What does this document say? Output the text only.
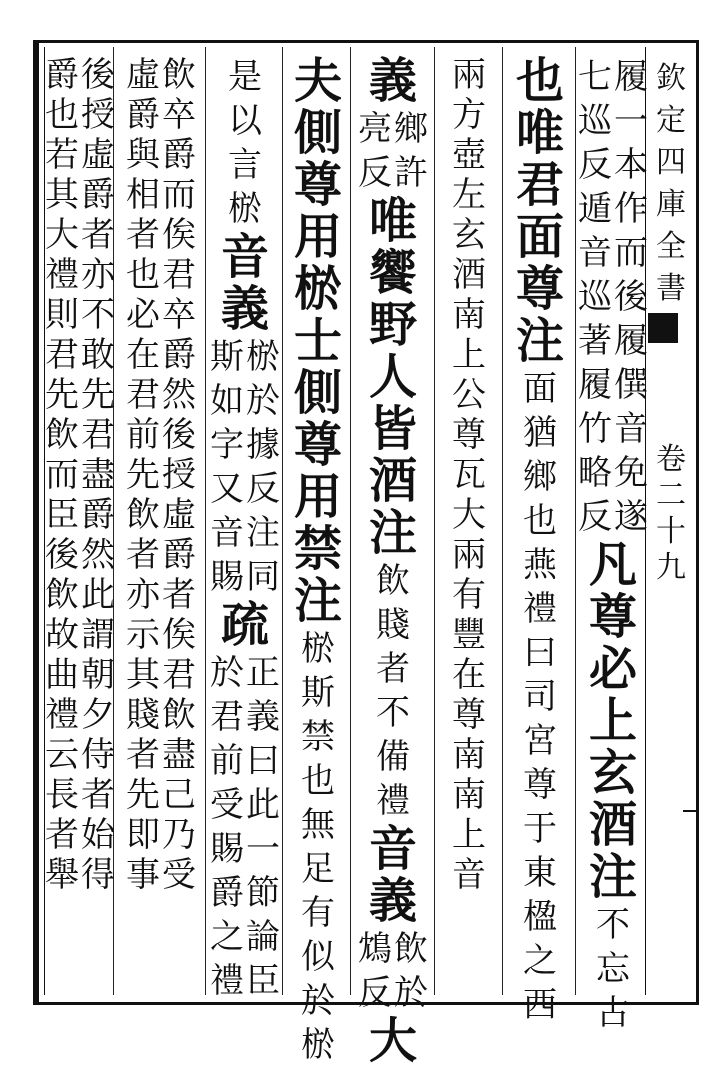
欽
定
四
庫
全
書
卷
二
十
九
履
一
本
作
而
後
履
七
巡
反
遁
音
巡
著
僎
音
免
遂
履
竹
略
反
凡
尊
必
上
玄
酒
注
不
忘
古
也
唯
君
面
尊
注
面
猶
鄉
也
燕
禮
曰
司
宮
尊
于
東
楹
之
西
兩
方
壺
左
玄
酒
南
上
公
尊
瓦
大
兩
有
豐
在
尊
南
南
上
音
義
鄉
許
亮
反
唯
饗
野
人
皆
酒
注
飲
賤
者
不
備
禮
音
義
飲
於
鴆
反
大
夫
側
尊
用
棜
士
側
尊
用
禁
注
棜
斯
禁
也
無
足
有
似
於
棜
是
以
言
棜
音
義
棜
於
據
反
注
同
斯
如
字
又
音
賜
疏
正
義
曰
此
一
節
論
臣
於
君
前
受
賜
爵
之
禮
飲
卒
爵
而
俟
君
卒
爵
然
後
授
虛
爵
者
俟
君
飲
盡
己
乃
受
虛
爵
與
相
者
也
必
在
君
前
先
飲
者
亦
示
其
賤
者
先
即
事
後
授
虛
爵
者
亦
不
敢
先
君
盡
爵
然
此
謂
朝
夕
侍
者
始
得
爵
也
若
其
大
禮
則
君
先
飲
而
臣
後
飲
故
曲
禮
云
長
者
舉
